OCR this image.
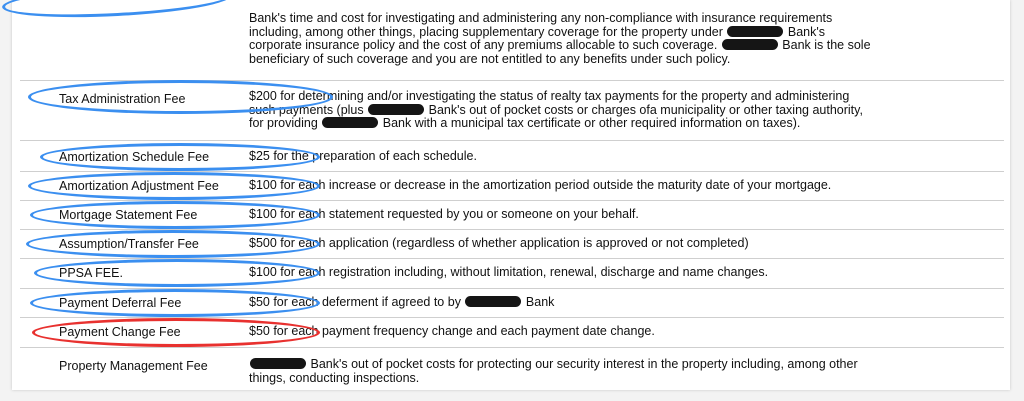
Bank's time and cost for investigating and administering any non-compliance with insurance requirements
including, among other things, placing supplementary coverage for the property under	Bank's
corporate insurance policy and the cost of any premiums allocable to such coverage.	Bank is the sole
beneficiary of such coverage and you are not entitled to any benefits under such policy.
Tax Administration Fee	$200 for determining and/or investigating the status of realty tax payments for the property and administering
such payments (plus	Bank's out of pocket costs or charges ofa municipality or other taxing authority,
for providing	Bank with a municipal tax certificate or other required information on taxes).
Amortization Schedule Fee	$25 for the preparation of each schedule.
Amortization Adjustment Fee $100 for each increase or decrease in the amortization period outside the maturity date of your mortgage.
Mortgage Statement Fee	$100 for each statement requested by you or someone on your behalf.
Assumption/Transfer Fee	$500 for each application (regardless of whether application is approved or not completed)
PPSA FEE.	$100 for each registration including, without limitation, renewal, discharge and name changes.
Payment Deferral Fee	$50 for each deferment if agreed to by	Bank
Payment Change Fee	$50 for each payment frequency change and each payment date change.
Property Management Fee	Bank's out of pocket costs for protecting our security interest in the property including, among other
things, conducting inspections.
